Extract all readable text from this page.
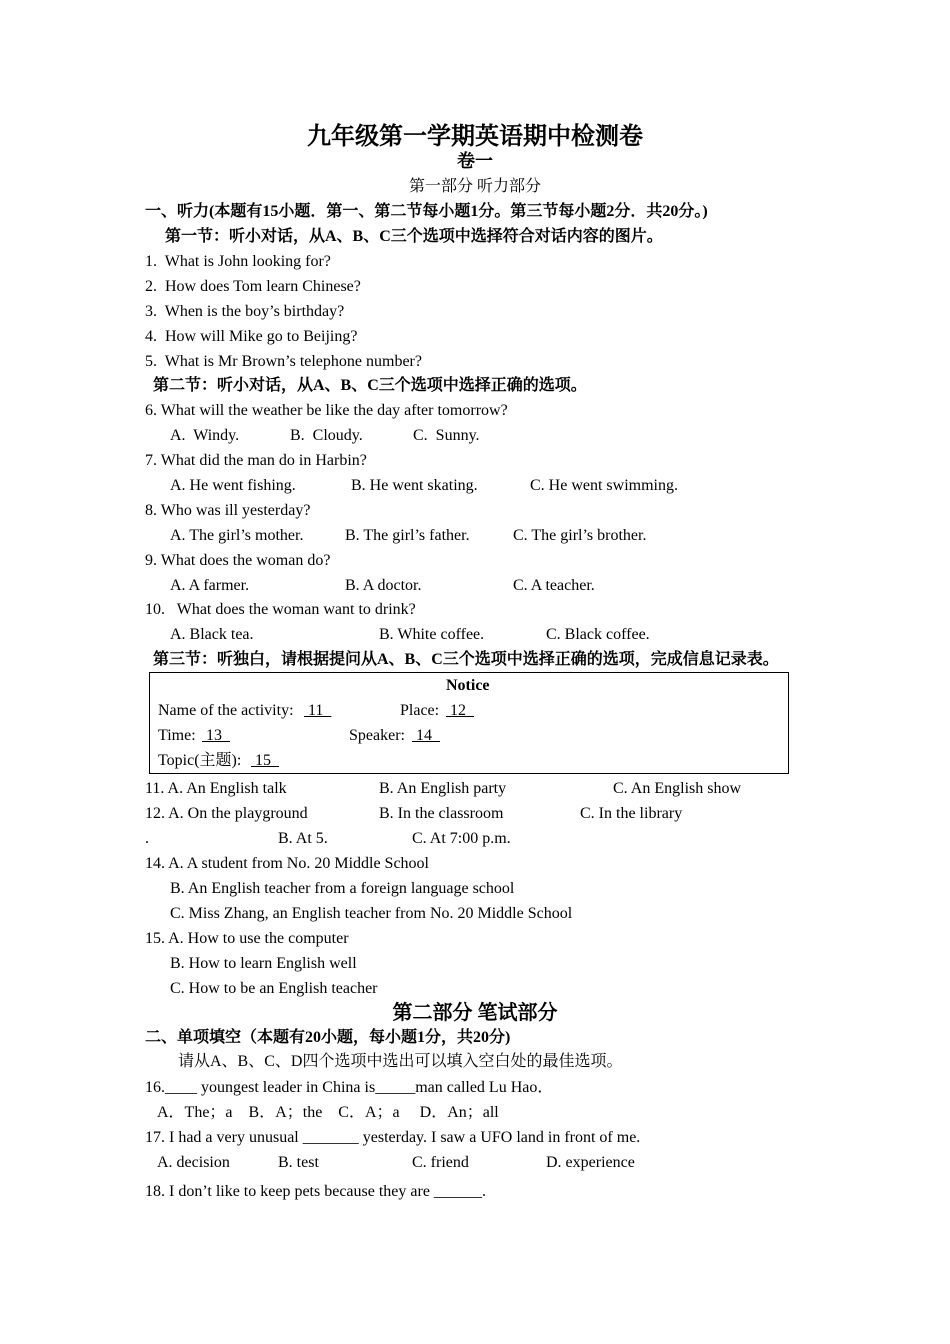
九年级第一学期英语期中检测卷
卷一
第一部分 听力部分
一、听力(本题有15小题．第一、第二节每小题1分。第三节每小题2分．共20分。)
第一节：听小对话，从A、B、C三个选项中选择符合对话内容的图片。
1.  What is John looking for?
2.  How does Tom learn Chinese?
3.  When is the boy’s birthday?
4.  How will Mike go to Beijing?
5.  What is Mr Brown’s telephone number?
第二节：听小对话，从A、B、C三个选项中选择正确的选项。
6. What will the weather be like the day after tomorrow?
A.  Windy.	B.  Cloudy.	C.  Sunny.
7. What did the man do in Harbin?
A. He went fishing.	B. He went skating.	C. He went swimming.
8. Who was ill yesterday?
A. The girl’s mother.	B. The girl’s father.	C. The girl’s brother.
9. What does the woman do?
A. A farmer.	B. A doctor.	C. A teacher.
10.   What does the woman want to drink?
A. Black tea.	B. White coffee.	C. Black coffee.
第三节：听独白，请根据提问从A、B、C三个选项中选择正确的选项，完成信息记录表。
Notice
Name of the activity: 11	Place: 12
Time: 13	Speaker: 14
Topic(主题): 15
11. A. An English talk	B. An English party	C. An English show
12. A. On the playground	B. In the classroom	C. In the library
.	B. At 5.	C. At 7:00 p.m.
14. A. A student from No. 20 Middle School
B. An English teacher from a foreign language school
C. Miss Zhang, an English teacher from No. 20 Middle School
15. A. How to use the computer
B. How to learn English well
C. How to be an English teacher
第二部分 笔试部分
二、单项填空（本题有20小题，每小题1分，共20分)
请从A、B、C、D四个选项中选出可以填入空白处的最佳选项。
16.____ youngest leader in China is_____man called Lu Hao．
A．The；a    B．A；the    C．A；a     D．An；all
17. I had a very unusual _______ yesterday. I saw a UFO land in front of me.
A. decision	B. test	C. friend	D. experience
18. I don’t like to keep pets because they are ______.
